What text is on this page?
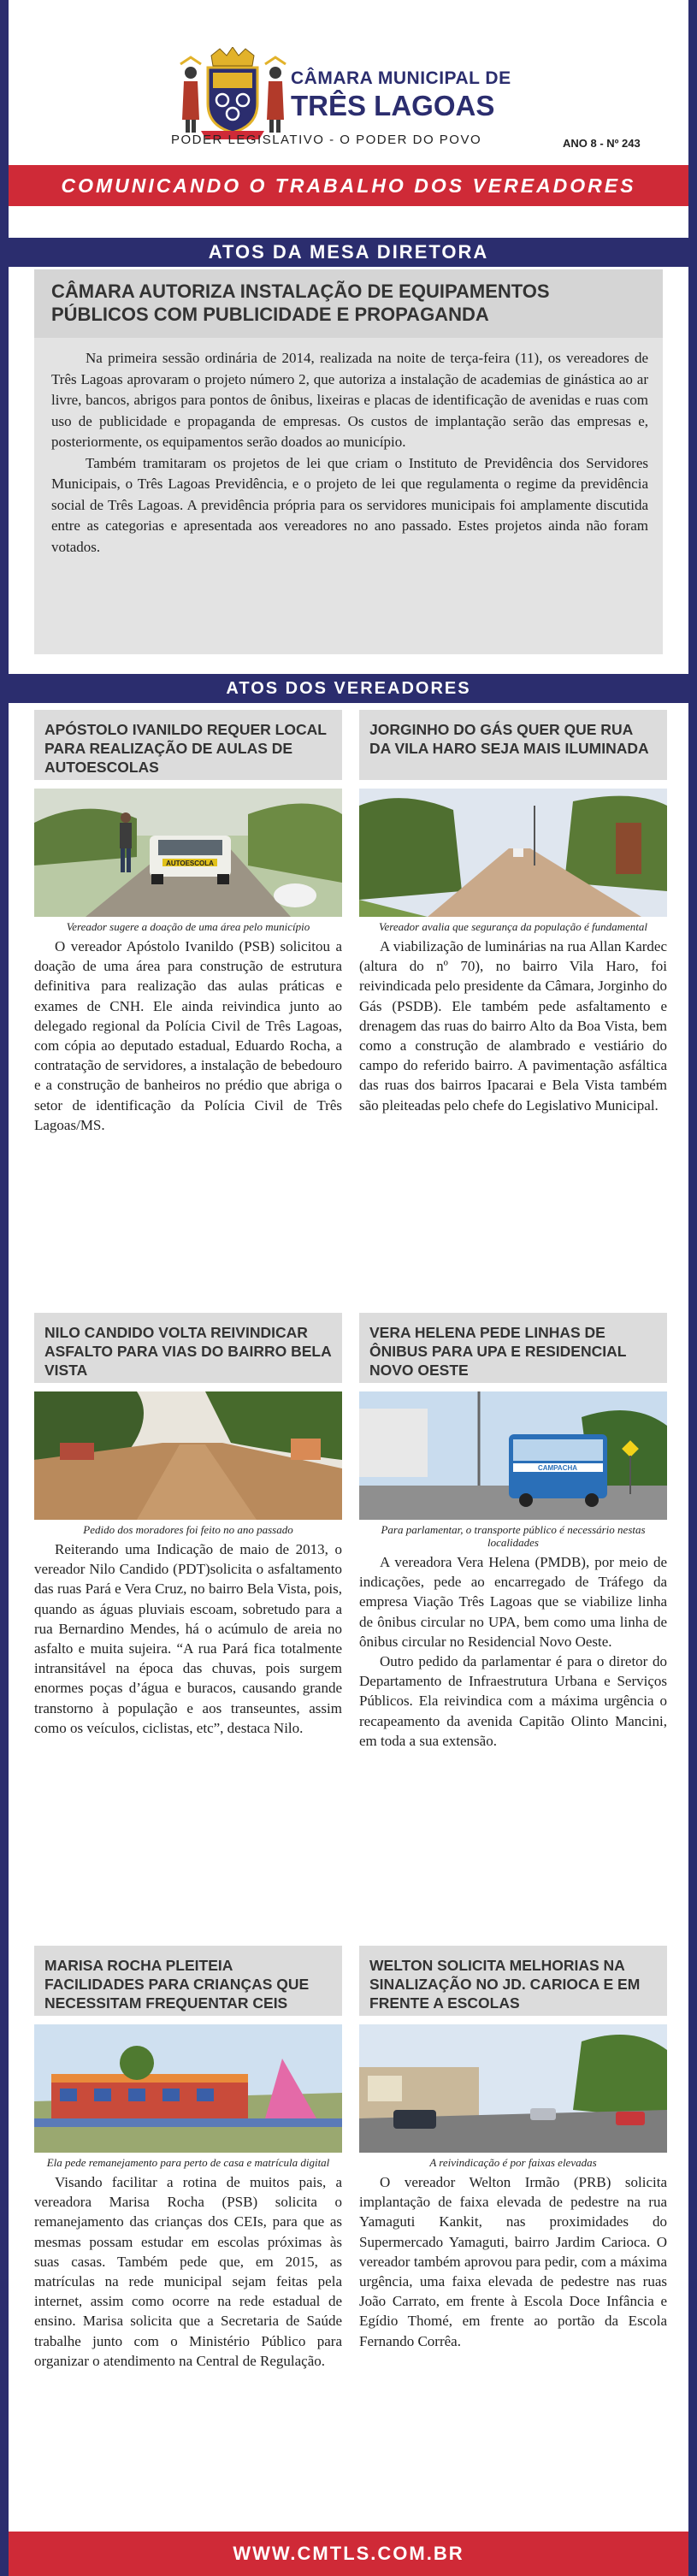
CÂMARA MUNICIPAL DE
TRÊS LAGOAS
PODER LEGISLATIVO - O PODER DO POVO	ANO 8 - Nº 243
COMUNICANDO O TRABALHO DOS VEREADORES
ATOS DA MESA DIRETORA
CÂMARA AUTORIZA INSTALAÇÃO DE EQUIPAMENTOS PÚBLICOS COM PUBLICIDADE E PROPAGANDA

Na primeira sessão ordinária de 2014, realizada na noite de terça-feira (11), os vereadores de Três Lagoas aprovaram o projeto número 2, que autoriza a instalação de academias de ginástica ao ar livre, bancos, abrigos para pontos de ônibus, lixeiras e placas de identificação de avenidas e ruas com uso de publicidade e propaganda de empresas. Os custos de implantação serão das empresas e, posteriormente, os equipamentos serão doados ao município.

Também tramitaram os projetos de lei que criam o Instituto de Previdência dos Servidores Municipais, o Três Lagoas Previdência, e o projeto de lei que regulamenta o regime da previdência social de Três Lagoas. A previdência própria para os servidores municipais foi amplamente discutida entre as categorias e apresentada aos vereadores no ano passado. Estes projetos ainda não foram votados.

ATOS DOS VEREADORES
APÓSTOLO IVANILDO REQUER LOCAL PARA REALIZAÇÃO DE AULAS DE AUTOESCOLAS
AUTOESCOLA
Vereador sugere a doação de uma área pelo município

O vereador Apóstolo Ivanildo (PSB) solicitou a doação de uma área para construção de estrutura definitiva para realização das aulas práticas e exames de CNH. Ele ainda reivindica junto ao delegado regional da Polícia Civil de Três Lagoas, com cópia ao deputado estadual, Eduardo Rocha, a contratação de servidores, a instalação de bebedouro e a construção de banheiros no prédio que abriga o setor de identificação da Polícia Civil de Três Lagoas/MS.

JORGINHO DO GÁS QUER QUE RUA DA VILA HARO SEJA MAIS ILUMINADA
Vereador avalia que segurança da população é fundamental

A viabilização de luminárias na rua Allan Kardec (altura do nº 70), no bairro Vila Haro, foi reivindicada pelo presidente da Câmara, Jorginho do Gás (PSDB). Ele também pede asfaltamento e drenagem das ruas do bairro Alto da Boa Vista, bem como a construção de alambrado e vestiário do campo do referido bairro. A pavimentação asfáltica das ruas dos bairros Ipacarai e Bela Vista também são pleiteadas pelo chefe do Legislativo Municipal.

NILO CANDIDO VOLTA REIVINDICAR ASFALTO PARA VIAS DO BAIRRO BELA VISTA
Pedido dos moradores foi feito no ano passado

Reiterando uma Indicação de maio de 2013, o vereador Nilo Candido (PDT)solicita o asfaltamento das ruas Pará e Vera Cruz, no bairro Bela Vista, pois, quando as águas pluviais escoam, sobretudo para a rua Bernardino Mendes, há o acúmulo de areia no asfalto e muita sujeira. “A rua Pará fica totalmente intransitável na época das chuvas, pois surgem enormes poças d’água e buracos, causando grande transtorno à população e aos transeuntes, assim como os veículos, ciclistas, etc”, destaca Nilo.

VERA HELENA PEDE LINHAS DE ÔNIBUS PARA UPA E RESIDENCIAL NOVO OESTE
CAMPACHA
Para parlamentar, o transporte público é necessário nestas localidades

A vereadora Vera Helena (PMDB), por meio de indicações, pede ao encarregado de Tráfego da empresa Viação Três Lagoas que se viabilize linha de ônibus circular no UPA, bem como uma linha de ônibus circular no Residencial Novo Oeste.

Outro pedido da parlamentar é para o diretor do Departamento de Infraestrutura Urbana e Serviços Públicos. Ela reivindica com a máxima urgência o recapeamento da avenida Capitão Olinto Mancini, em toda a sua extensão.

MARISA ROCHA PLEITEIA FACILIDADES PARA CRIANÇAS QUE NECESSITAM FREQUENTAR CEIS
Ela pede remanejamento para perto de casa e matrícula digital

Visando facilitar a rotina de muitos pais, a vereadora Marisa Rocha (PSB) solicita o remanejamento das crianças dos CEIs, para que as mesmas possam estudar em escolas próximas às suas casas. Também pede que, em 2015, as matrículas na rede municipal sejam feitas pela internet, assim como ocorre na rede estadual de ensino. Marisa solicita que a Secretaria de Saúde trabalhe junto com o Ministério Público para organizar o atendimento na Central de Regulação.

WELTON SOLICITA MELHORIAS NA SINALIZAÇÃO NO JD. CARIOCA E EM FRENTE A ESCOLAS
A reivindicação é por faixas elevadas

O vereador Welton Irmão (PRB) solicita implantação de faixa elevada de pedestre na rua Yamaguti Kankit, nas proximidades do Supermercado Yamaguti, bairro Jardim Carioca. O vereador também aprovou para pedir, com a máxima urgência, uma faixa elevada de pedestre nas ruas João Carrato, em frente à Escola Doce Infância e Egídio Thomé, em frente ao portão da Escola Fernando Corrêa.

WWW.CMTLS.COM.BR
